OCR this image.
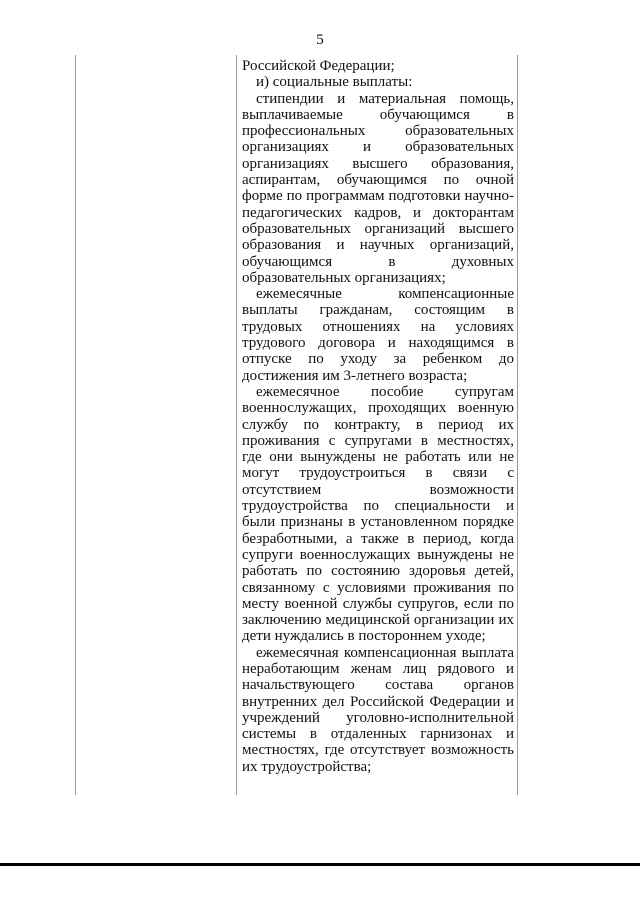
5

Российской Федерации;

и) социальные выплаты:

стипендии и материальная помощь, выплачиваемые обучающимся в профессиональных образовательных организациях и образовательных организациях высшего образования, аспирантам, обучающимся по очной форме по программам подготовки научно-педагогических кадров, и докторантам образовательных организаций высшего образования и научных организаций, обучающимся в духовных образовательных организациях;

ежемесячные компенсационные выплаты гражданам, состоящим в трудовых отношениях на условиях трудового договора и находящимся в отпуске по уходу за ребенком до достижения им 3-летнего возраста;

ежемесячное пособие супругам военнослужащих, проходящих военную службу по контракту, в период их проживания с супругами в местностях, где они вынуждены не работать или не могут трудоустроиться в связи с отсутствием возможности трудоустройства по специальности и были признаны в установленном порядке безработными, а также в период, когда супруги военнослужащих вынуждены не работать по состоянию здоровья детей, связанному с условиями проживания по месту военной службы супругов, если по заключению медицинской организации их дети нуждались в постороннем уходе;

ежемесячная компенсационная выплата неработающим женам лиц рядового и начальствующего состава органов внутренних дел Российской Федерации и учреждений уголовно-исполнительной системы в отдаленных гарнизонах и местностях, где отсутствует возможность их трудоустройства;
